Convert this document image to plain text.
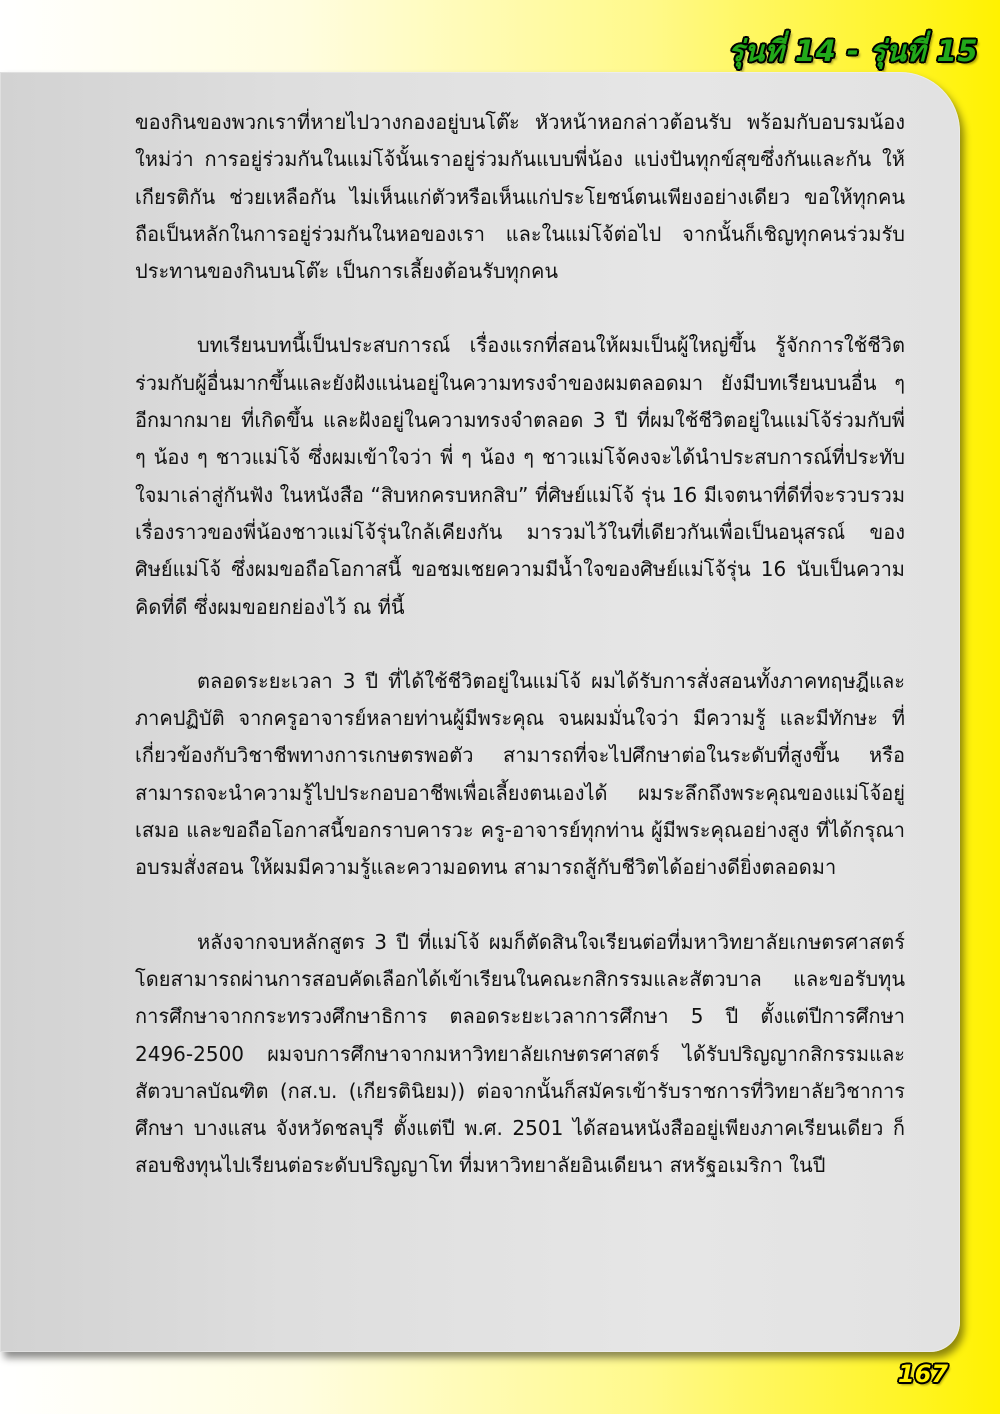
รุ่นที่ 14 - รุ่นที่ 15

ของกินของพวกเราที่หายไปวางกองอยู่บนโต๊ะ หัวหน้าหอกล่าวต้อนรับ พร้อมกับอบรมน้องใหม่ว่า การอยู่ร่วมกันในแม่โจ้นั้นเราอยู่ร่วมกันแบบพี่น้อง แบ่งปันทุกข์สุขซึ่งกันและกัน ให้เกียรติกัน ช่วยเหลือกัน ไม่เห็นแก่ตัวหรือเห็นแก่ประโยชน์ตนเพียงอย่างเดียว ขอให้ทุกคนถือเป็นหลักในการอยู่ร่วมกันในหอของเรา และในแม่โจ้ต่อไป จากนั้นก็เชิญทุกคนร่วมรับประทานของกินบนโต๊ะ เป็นการเลี้ยงต้อนรับทุกคน

บทเรียนบทนี้เป็นประสบการณ์ เรื่องแรกที่สอนให้ผมเป็นผู้ใหญ่ขึ้น รู้จักการใช้ชีวิตร่วมกับผู้อื่นมากขึ้นและยังฝังแน่นอยู่ในความทรงจำของผมตลอดมา ยังมีบทเรียนบนอื่น ๆ อีกมากมาย ที่เกิดขึ้น และฝังอยู่ในความทรงจำตลอด 3 ปี ที่ผมใช้ชีวิตอยู่ในแม่โจ้ร่วมกับพี่ ๆ น้อง ๆ ชาวแม่โจ้ ซึ่งผมเข้าใจว่า พี่ ๆ น้อง ๆ ชาวแม่โจ้คงจะได้นำประสบการณ์ที่ประทับใจมาเล่าสู่กันฟัง ในหนังสือ “สิบหกครบหกสิบ” ที่ศิษย์แม่โจ้ รุ่น 16 มีเจตนาที่ดีที่จะรวบรวมเรื่องราวของพี่น้องชาวแม่โจ้รุ่นใกล้เคียงกัน มารวมไว้ในที่เดียวกันเพื่อเป็นอนุสรณ์ ของศิษย์แม่โจ้ ซึ่งผมขอถือโอกาสนี้ ขอชมเชยความมีน้ำใจของศิษย์แม่โจ้รุ่น 16 นับเป็นความคิดที่ดี ซึ่งผมขอยกย่องไว้ ณ ที่นี้

ตลอดระยะเวลา 3 ปี ที่ได้ใช้ชีวิตอยู่ในแม่โจ้ ผมได้รับการสั่งสอนทั้งภาคทฤษฎีและภาคปฏิบัติ จากครูอาจารย์หลายท่านผู้มีพระคุณ จนผมมั่นใจว่า มีความรู้ และมีทักษะ ที่เกี่ยวข้องกับวิชาชีพทางการเกษตรพอตัว สามารถที่จะไปศึกษาต่อในระดับที่สูงขึ้น หรือสามารถจะนำความรู้ไปประกอบอาชีพเพื่อเลี้ยงตนเองได้ ผมระลึกถึงพระคุณของแม่โจ้อยู่เสมอ และขอถือโอกาสนี้ขอกราบคารวะ ครู-อาจารย์ทุกท่าน ผู้มีพระคุณอย่างสูง ที่ได้กรุณาอบรมสั่งสอน ให้ผมมีความรู้และความอดทน สามารถสู้กับชีวิตได้อย่างดียิ่งตลอดมา

หลังจากจบหลักสูตร 3 ปี ที่แม่โจ้ ผมก็ตัดสินใจเรียนต่อที่มหาวิทยาลัยเกษตรศาสตร์ โดยสามารถผ่านการสอบคัดเลือกได้เข้าเรียนในคณะกสิกรรมและสัตวบาล และขอรับทุนการศึกษาจากกระทรวงศึกษาธิการ ตลอดระยะเวลาการศึกษา 5 ปี ตั้งแต่ปีการศึกษา 2496-2500 ผมจบการศึกษาจากมหาวิทยาลัยเกษตรศาสตร์ ได้รับปริญญากสิกรรมและสัตวบาลบัณฑิต (กส.บ. (เกียรตินิยม)) ต่อจากนั้นก็สมัครเข้ารับราชการที่วิทยาลัยวิชาการศึกษา บางแสน จังหวัดชลบุรี ตั้งแต่ปี พ.ศ. 2501 ได้สอนหนังสืออยู่เพียงภาคเรียนเดียว ก็สอบชิงทุนไปเรียนต่อระดับปริญญาโท ที่มหาวิทยาลัยอินเดียนา สหรัฐอเมริกา ในปี

167
